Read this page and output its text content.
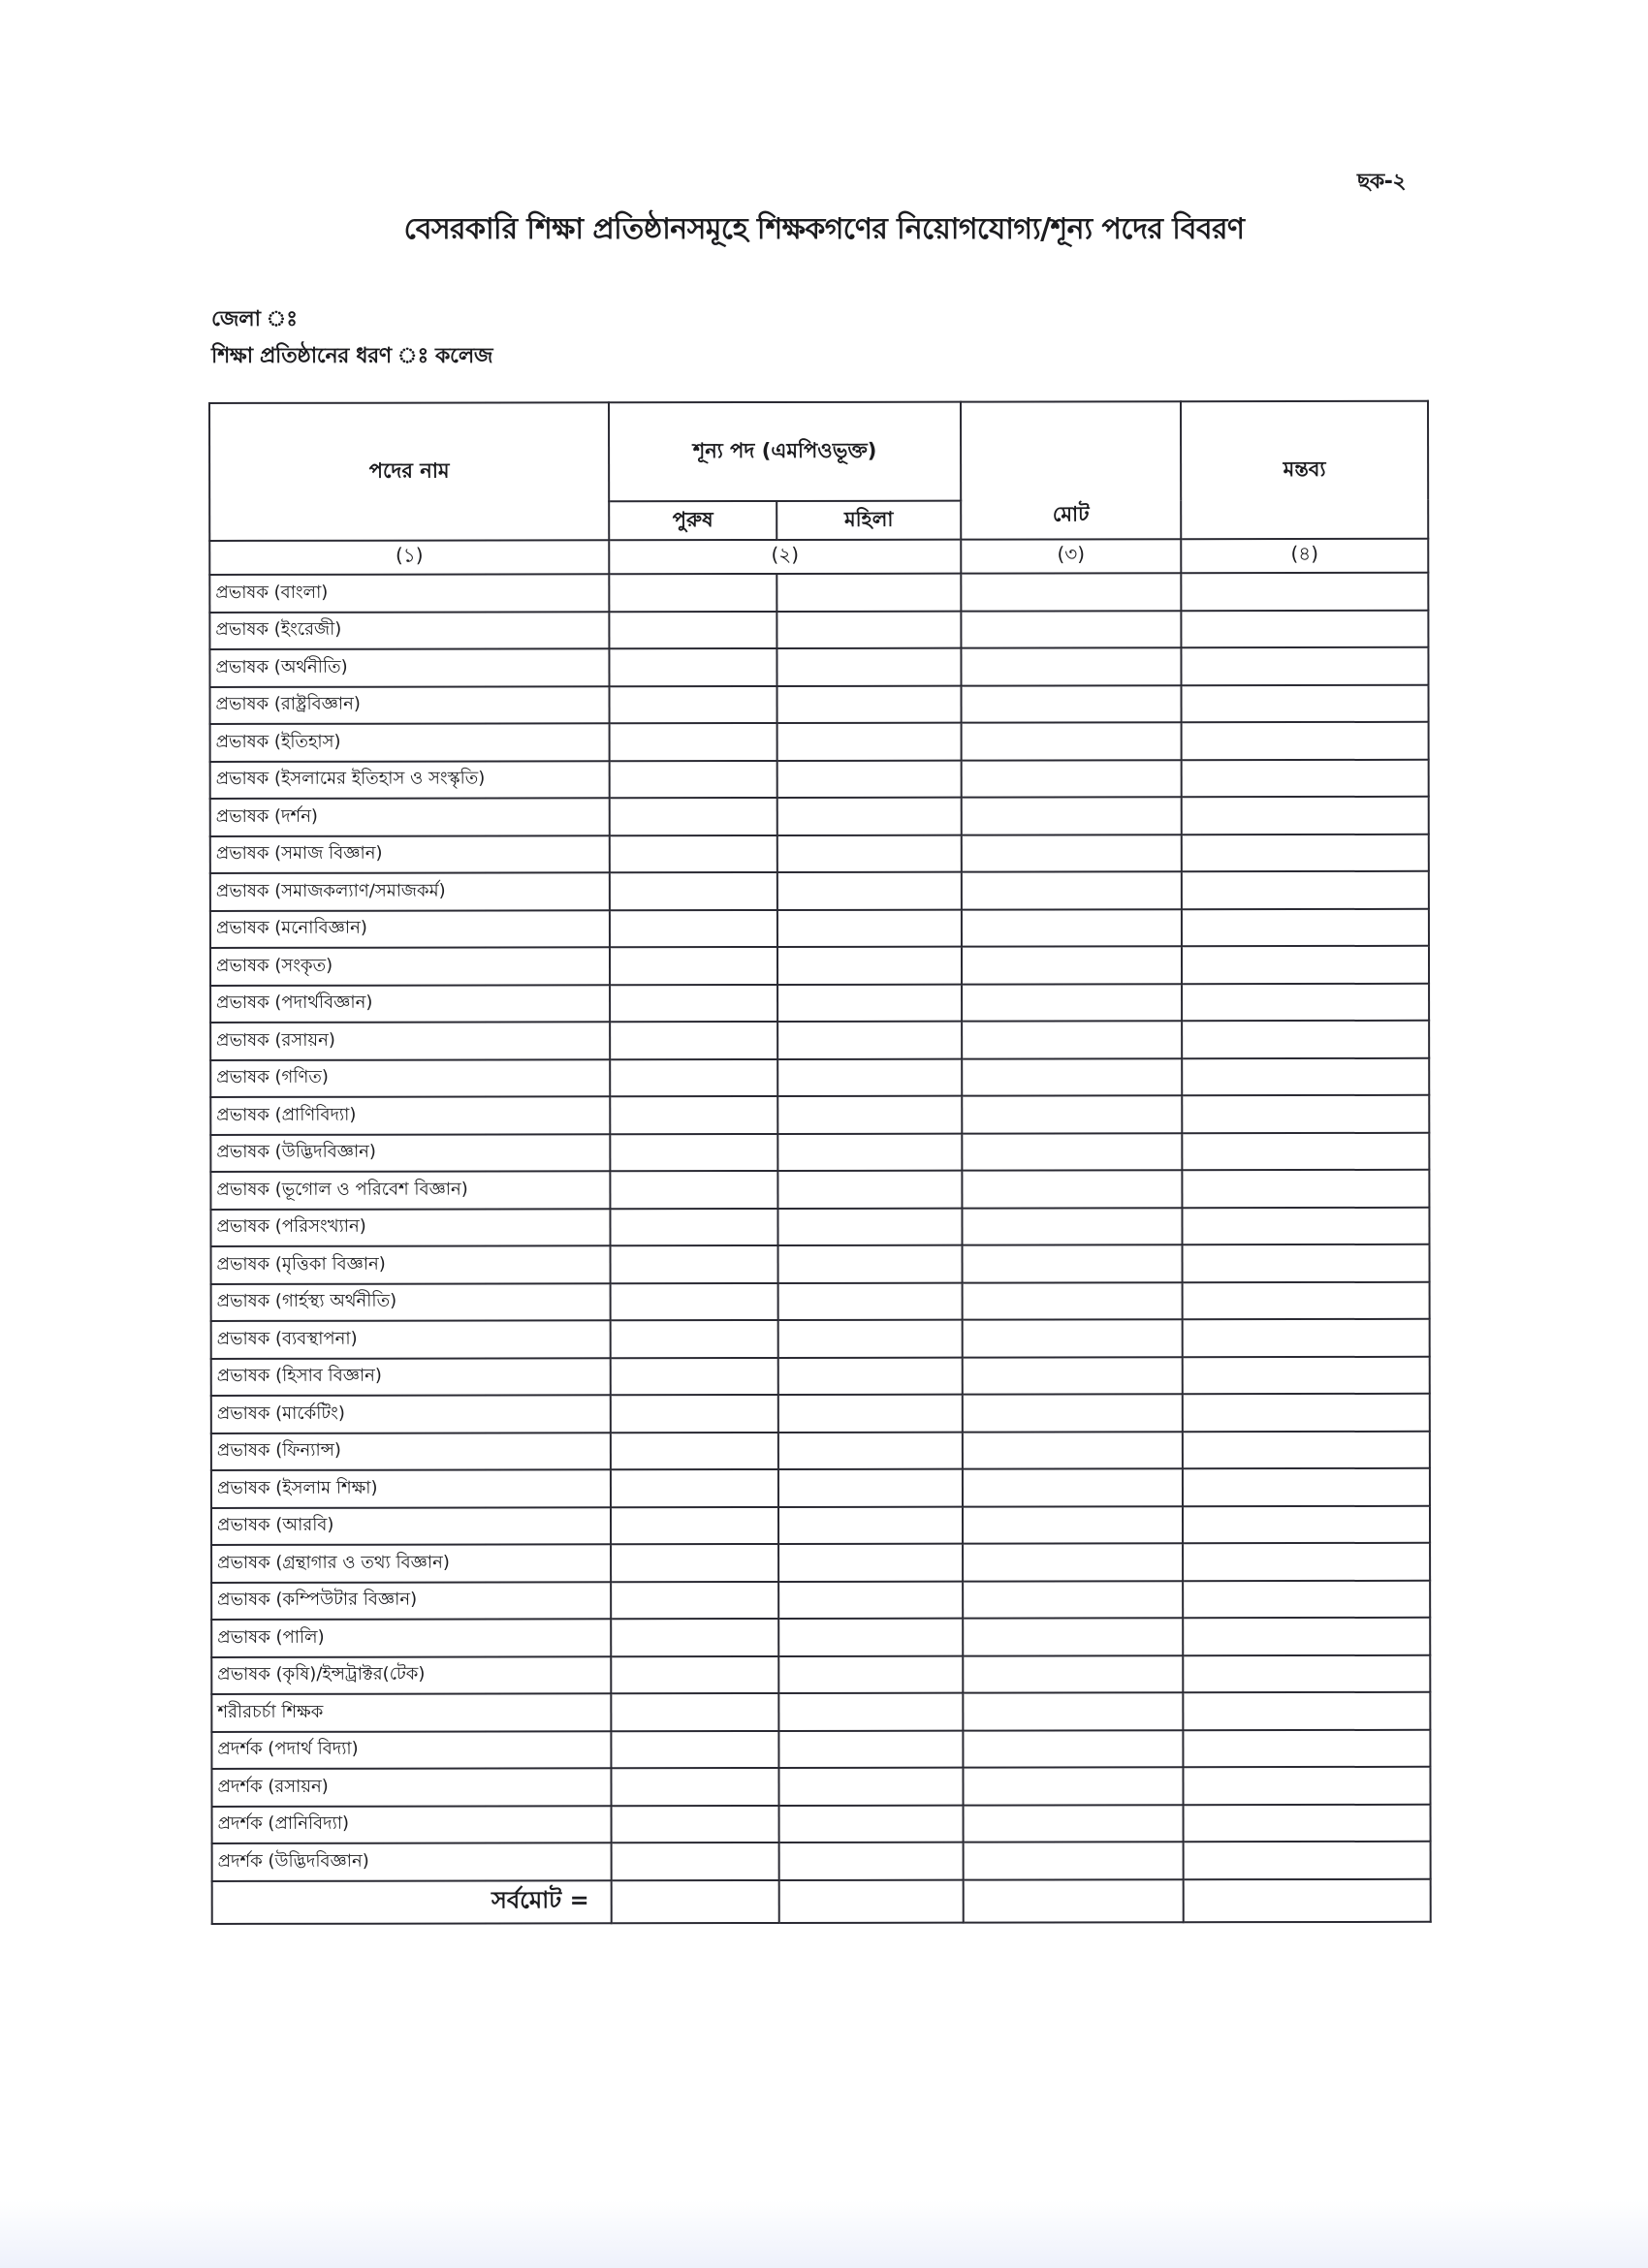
ছক-২
বেসরকারি শিক্ষা প্রতিষ্ঠানসমূহে শিক্ষকগণের নিয়োগযোগ্য/শূন্য পদের বিবরণ
জেলা ঃ
শিক্ষা প্রতিষ্ঠানের ধরণ ঃ কলেজ
পদের নাম	শূন্য পদ (এমপিওভূক্ত)		মোট	মন্তব্য
	পুরুষ	মহিলা		
(১)	(২)		(৩)	(৪)
প্রভাষক (বাংলা)				
প্রভাষক (ইংরেজী)				
প্রভাষক (অর্থনীতি)				
প্রভাষক (রাষ্ট্রবিজ্ঞান)				
প্রভাষক (ইতিহাস)				
প্রভাষক (ইসলামের ইতিহাস ও সংস্কৃতি)				
প্রভাষক (দর্শন)				
প্রভাষক (সমাজ বিজ্ঞান)				
প্রভাষক (সমাজকল্যাণ/সমাজকর্ম)				
প্রভাষক (মনোবিজ্ঞান)				
প্রভাষক (সংকৃত)				
প্রভাষক (পদার্থবিজ্ঞান)				
প্রভাষক (রসায়ন)				
প্রভাষক (গণিত)				
প্রভাষক (প্রাণিবিদ্যা)				
প্রভাষক (উদ্ভিদবিজ্ঞান)				
প্রভাষক (ভূগোল ও পরিবেশ বিজ্ঞান)				
প্রভাষক (পরিসংখ্যান)				
প্রভাষক (মৃত্তিকা বিজ্ঞান)				
প্রভাষক (গার্হস্থ্য অর্থনীতি)				
প্রভাষক (ব্যবস্থাপনা)				
প্রভাষক (হিসাব বিজ্ঞান)				
প্রভাষক (মার্কেটিং)				
প্রভাষক (ফিন্যান্স)				
প্রভাষক (ইসলাম শিক্ষা)				
প্রভাষক (আরবি)				
প্রভাষক (গ্রন্থাগার ও তথ্য বিজ্ঞান)				
প্রভাষক (কম্পিউটার বিজ্ঞান)				
প্রভাষক (পালি)				
প্রভাষক (কৃষি)/ইন্সট্রাক্টর(টেক)				
শরীরচর্চা শিক্ষক				
প্রদর্শক (পদার্থ বিদ্যা)				
প্রদর্শক (রসায়ন)				
প্রদর্শক (প্রানিবিদ্যা)				
প্রদর্শক (উদ্ভিদবিজ্ঞান)				
সর্বমোট =				
